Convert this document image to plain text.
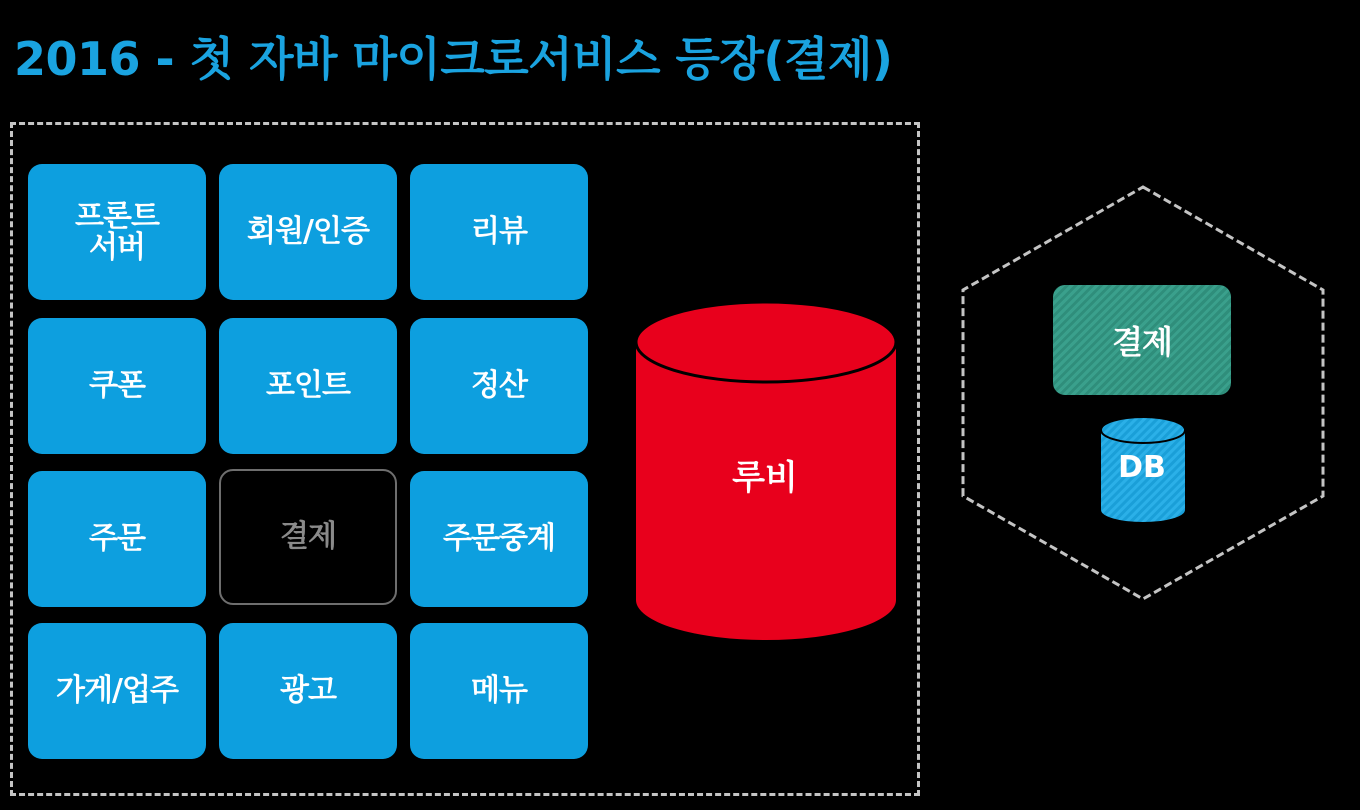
2016 - 첫 자바 마이크로서비스 등장(결제)
프론트
서버	회원/인증	리뷰
쿠폰	포인트	정산
주문	결제	주문중계
가게/업주	광고	메뉴
루비
결제
DB
